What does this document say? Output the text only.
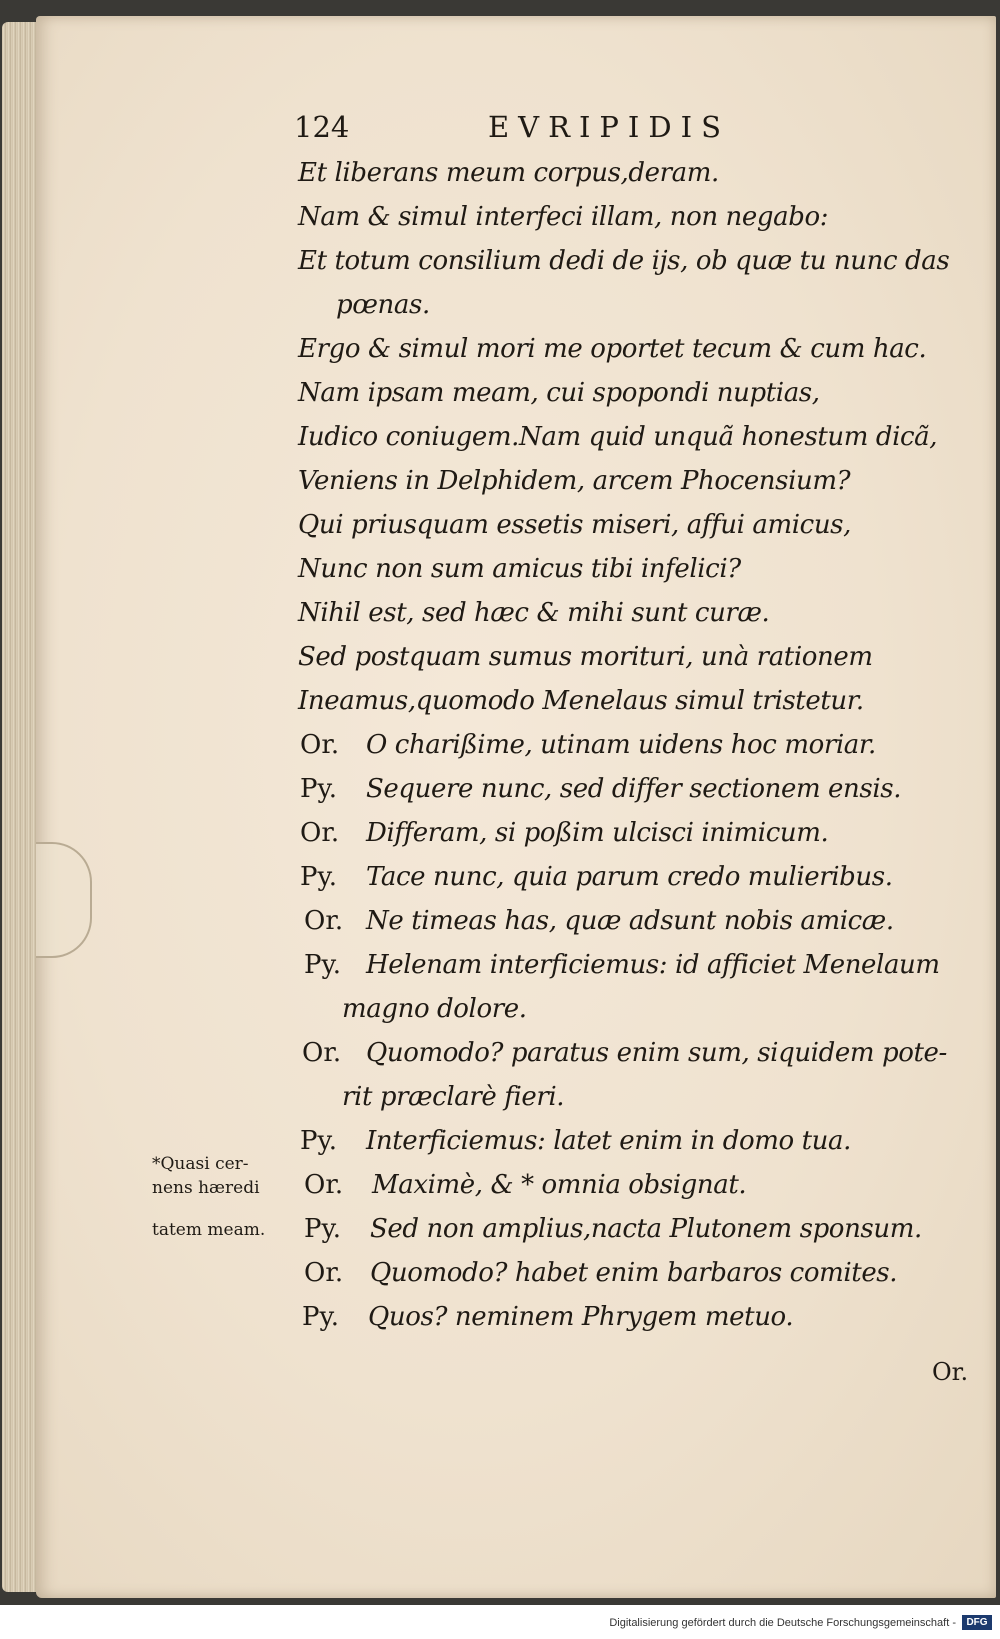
124	EVRIPIDIS
Et liberans meum corpus,deram.
Nam & simul interfeci illam, non negabo:
Et totum consilium dedi de ijs, ob quæ tu nunc das
pœnas.
Ergo & simul mori me oportet tecum & cum hac.
Nam ipsam meam, cui spopondi nuptias,
Iudico coniugem.Nam quid unquã honestum dicã,
Veniens in Delphidem, arcem Phocensium?
Qui priusquam essetis miseri, affui amicus,
Nunc non sum amicus tibi infelici?
Nihil est, sed hæc & mihi sunt curæ.
Sed postquam sumus morituri, unà rationem
Ineamus,quomodo Menelaus simul tristetur.
Or. O charißime, utinam uidens hoc moriar.
Py. Sequere nunc, sed differ sectionem ensis.
Or. Differam, si poßim ulcisci inimicum.
Py. Tace nunc, quia parum credo mulieribus.
Or. Ne timeas has, quæ adsunt nobis amicæ.
Py. Helenam interficiemus: id afficiet Menelaum
magno dolore.
Or. Quomodo? paratus enim sum, siquidem pote-
rit præclarè fieri.
Py. Interficiemus: latet enim in domo tua.
Or. Maximè, & * omnia obsignat.
Py. Sed non amplius,nacta Plutonem sponsum.
Or. Quomodo? habet enim barbaros comites.
Py. Quos? neminem Phrygem metuo.
*Quasi cer-
nens hæredi
tatem meam.
Or.
Digitalisierung gefördert durch die Deutsche Forschungsgemeinschaft -	DFG
